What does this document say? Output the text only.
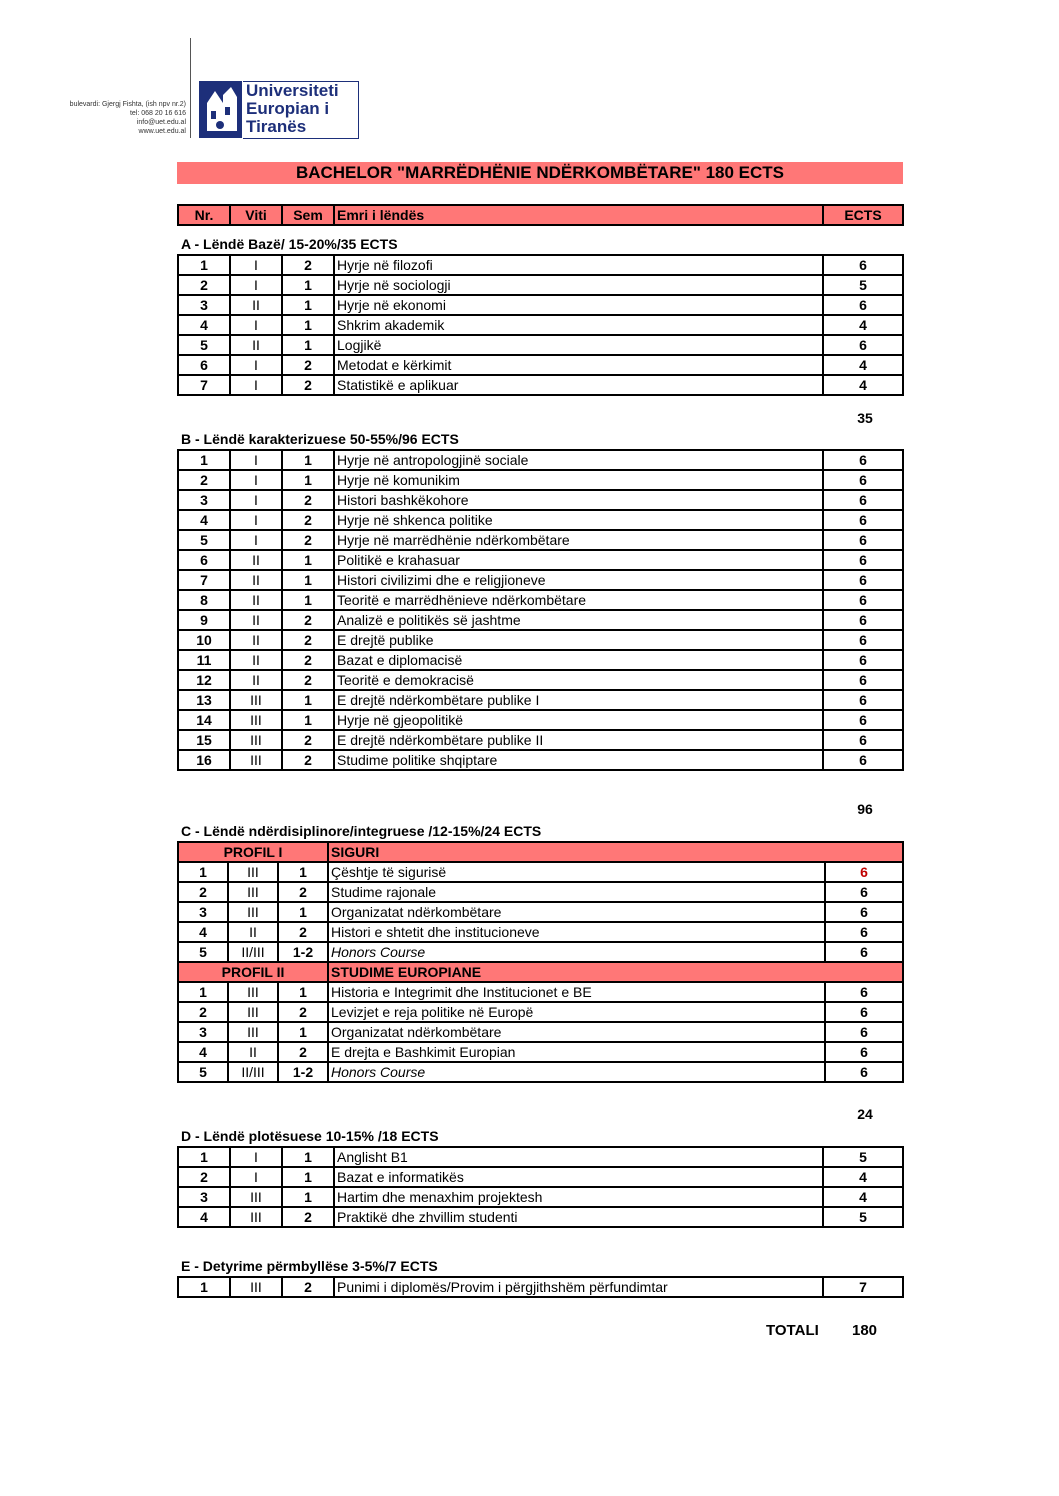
bulevardi: Gjergj Fishta, (ish npv nr.2)
tel: 068 20 16 616
info@uet.edu.al
www.uet.edu.al
Universiteti
Europian i
Tiranës
BACHELOR "MARRËDHËNIE NDËRKOMBËTARE" 180 ECTS
Nr.	Viti	Sem	Emri i lëndës	ECTS
A - Lëndë Bazë/ 15-20%/35 ECTS
1	I	2	Hyrje në filozofi	6
2	I	1	Hyrje në sociologji	5
3	II	1	Hyrje në ekonomi	6
4	I	1	Shkrim akademik	4
5	II	1	Logjikë	6
6	I	2	Metodat e kërkimit	4
7	I	2	Statistikë e aplikuar	4
35
B - Lëndë karakterizuese 50-55%/96 ECTS
1	I	1	Hyrje në antropologjinë sociale	6
2	I	1	Hyrje në komunikim	6
3	I	2	Histori bashkëkohore	6
4	I	2	Hyrje në shkenca politike	6
5	I	2	Hyrje në marrëdhënie ndërkombëtare	6
6	II	1	Politikë e krahasuar	6
7	II	1	Histori civilizimi dhe e religjioneve	6
8	II	1	Teoritë e marrëdhënieve ndërkombëtare	6
9	II	2	Analizë e politikës së jashtme	6
10	II	2	E drejtë publike	6
11	II	2	Bazat e diplomacisë	6
12	II	2	Teoritë e demokracisë	6
13	III	1	E drejtë ndërkombëtare publike I	6
14	III	1	Hyrje në gjeopolitikë	6
15	III	2	E drejtë ndërkombëtare publike II	6
16	III	2	Studime politike shqiptare	6
96
C - Lëndë ndërdisiplinore/integruese /12-15%/24 ECTS

PROFIL I			SIGURI	
1	III	1	Çështje të sigurisë	6
2	III	2	Studime rajonale	6
3	III	1	Organizatat ndërkombëtare	6
4	II	2	Histori e shtetit dhe institucioneve	6
5	II/III	1-2	Honors Course	6
PROFIL II			STUDIME EUROPIANE	
1	III	1	Historia e Integrimit dhe Institucionet e BE	6
2	III	2	Levizjet e reja politike në Europë	6
3	III	1	Organizatat ndërkombëtare	6
4	II	2	E drejta e Bashkimit Europian	6
5	II/III	1-2	Honors Course	6
24
D - Lëndë plotësuese 10-15% /18 ECTS
1	I	1	Anglisht B1	5
2	I	1	Bazat e informatikës	4
3	III	1	Hartim dhe menaxhim projektesh	4
4	III	2	Praktikë dhe zhvillim studenti	5
E - Detyrime përmbyllëse 3-5%/7 ECTS
1	III	2	Punimi i diplomës/Provim i përgjithshëm përfundimtar	7
TOTALI 180
